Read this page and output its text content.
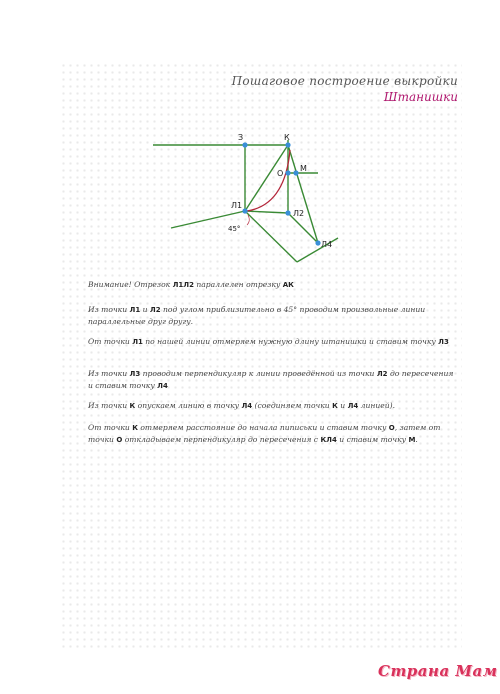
Пошаговое построение выкройки
Штанишки
З	К
О
М
Л1
Л2
Л4
45°
Внимание! Отрезок Л1Л2 параллелен отрезку АК
Из точки Л1 и Л2 под углом приблизительно в 45° проводим произвольные линии параллельные друг другу.
От точки Л1 по нашей линии отмеряем нужную длину штанишки и ставим точку Л3
Из точки Л3 проводим перпендикуляр к линии проведённой из точки Л2 до пересечения и ставим точку Л4
Из точки К опускаем линию в точку Л4 (соединяем точки К и Л4 линией).
От точки К отмеряем расстояние до начала пиписьки и ставим точку О, затем от точки О откладываем перпендикуляр до пересечения с КЛ4 и ставим точку М.
Страна Мам
